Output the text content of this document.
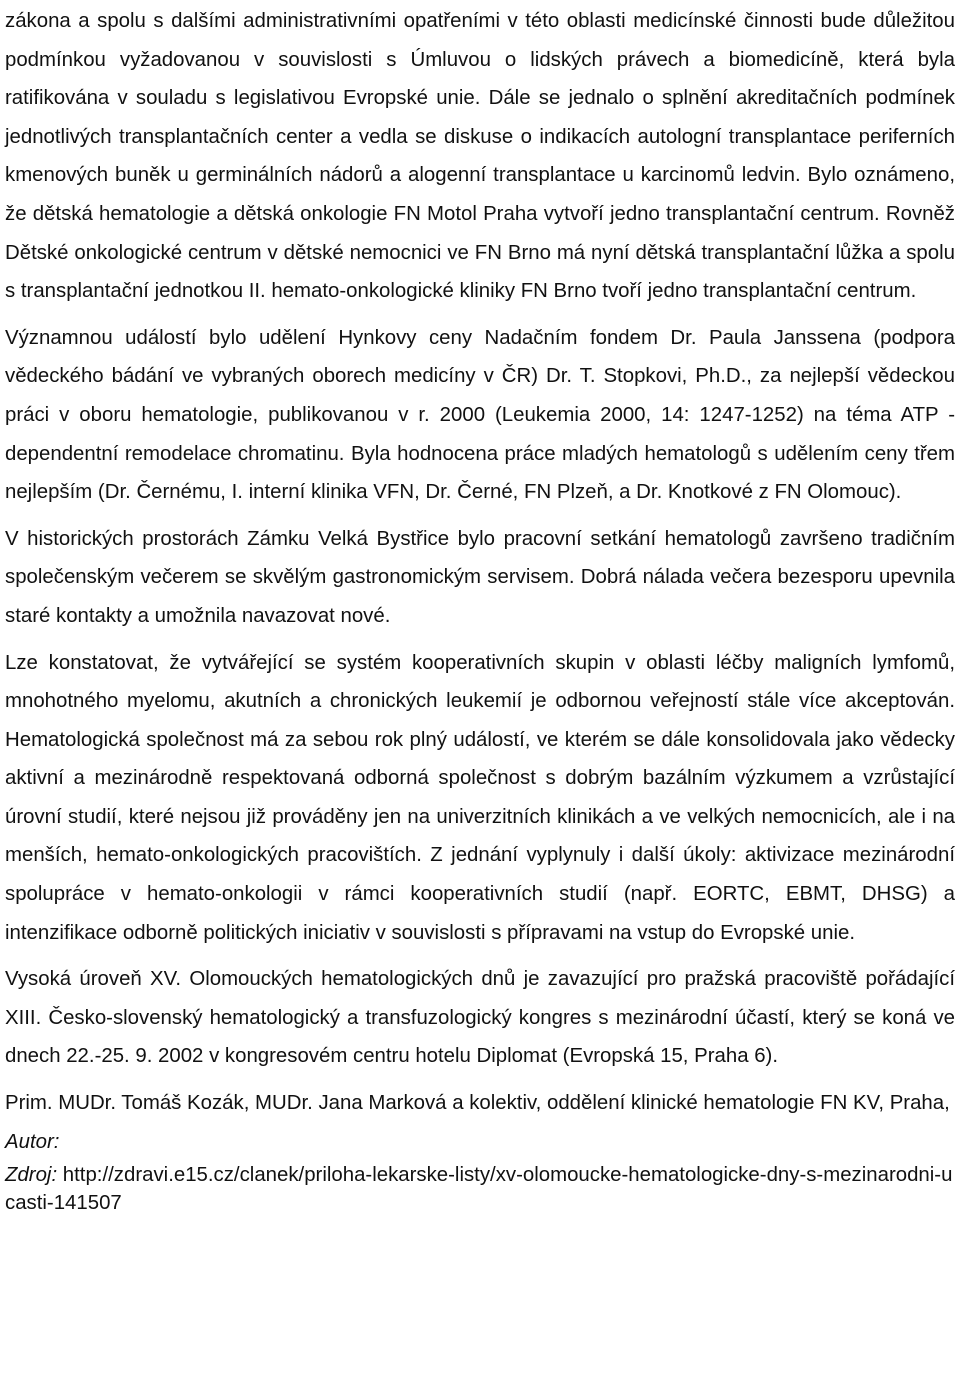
zákona a spolu s dalšími administrativními opatřeními v této oblasti medicínské činnosti bude důležitou podmínkou vyžadovanou v souvislosti s Úmluvou o lidských právech a biomedicíně, která byla ratifikována v souladu s legislativou Evropské unie. Dále se jednalo o splnění akreditačních podmínek jednotlivých transplantačních center a vedla se diskuse o indikacích autologní transplantace periferních kmenových buněk u germinálních nádorů a alogenní transplantace u karcinomů ledvin. Bylo oznámeno, že dětská hematologie a dětská onkologie FN Motol Praha vytvoří jedno transplantační centrum. Rovněž Dětské onkologické centrum v dětské nemocnici ve FN Brno má nyní dětská transplantační lůžka a spolu s transplantační jednotkou II. hemato-onkologické kliniky FN Brno tvoří jedno transplantační centrum.

Významnou událostí bylo udělení Hynkovy ceny Nadačním fondem Dr. Paula Janssena (podpora vědeckého bádání ve vybraných oborech medicíny v ČR) Dr. T. Stopkovi, Ph.D., za nejlepší vědeckou práci v oboru hematologie, publikovanou v r. 2000 (Leukemia 2000, 14: 1247-1252) na téma ATP - dependentní remodelace chromatinu. Byla hodnocena práce mladých hematologů s udělením ceny třem nejlepším (Dr. Černému, I. interní klinika VFN, Dr. Černé, FN Plzeň, a Dr. Knotkové z FN Olomouc).

V historických prostorách Zámku Velká Bystřice bylo pracovní setkání hematologů završeno tradičním společenským večerem se skvělým gastronomickým servisem. Dobrá nálada večera bezesporu upevnila staré kontakty a umožnila navazovat nové.

Lze konstatovat, že vytvářející se systém kooperativních skupin v oblasti léčby maligních lymfomů, mnohotného myelomu, akutních a chronických leukemií je odbornou veřejností stále více akceptován. Hematologická společnost má za sebou rok plný událostí, ve kterém se dále konsolidovala jako vědecky aktivní a mezinárodně respektovaná odborná společnost s dobrým bazálním výzkumem a vzrůstající úrovní studií, které nejsou již prováděny jen na univerzitních klinikách a ve velkých nemocnicích, ale i na menších, hemato-onkologických pracovištích. Z jednání vyplynuly i další úkoly: aktivizace mezinárodní spolupráce v hemato-onkologii v rámci kooperativních studií (např. EORTC, EBMT, DHSG) a intenzifikace odborně politických iniciativ v souvislosti s přípravami na vstup do Evropské unie.

Vysoká úroveň XV. Olomouckých hematologických dnů je zavazující pro pražská pracoviště pořádající XIII. Česko-slovenský hematologický a transfuzologický kongres s mezinárodní účastí, který se koná ve dnech 22.-25. 9. 2002 v kongresovém centru hotelu Diplomat (Evropská 15, Praha 6).

Prim. MUDr. Tomáš Kozák, MUDr. Jana Marková a kolektiv, oddělení klinické hematologie FN KV, Praha,

Autor:

Zdroj: http://zdravi.e15.cz/clanek/priloha-lekarske-listy/xv-olomoucke-hematologicke-dny-s-mezinarodni-ucasti-141507
